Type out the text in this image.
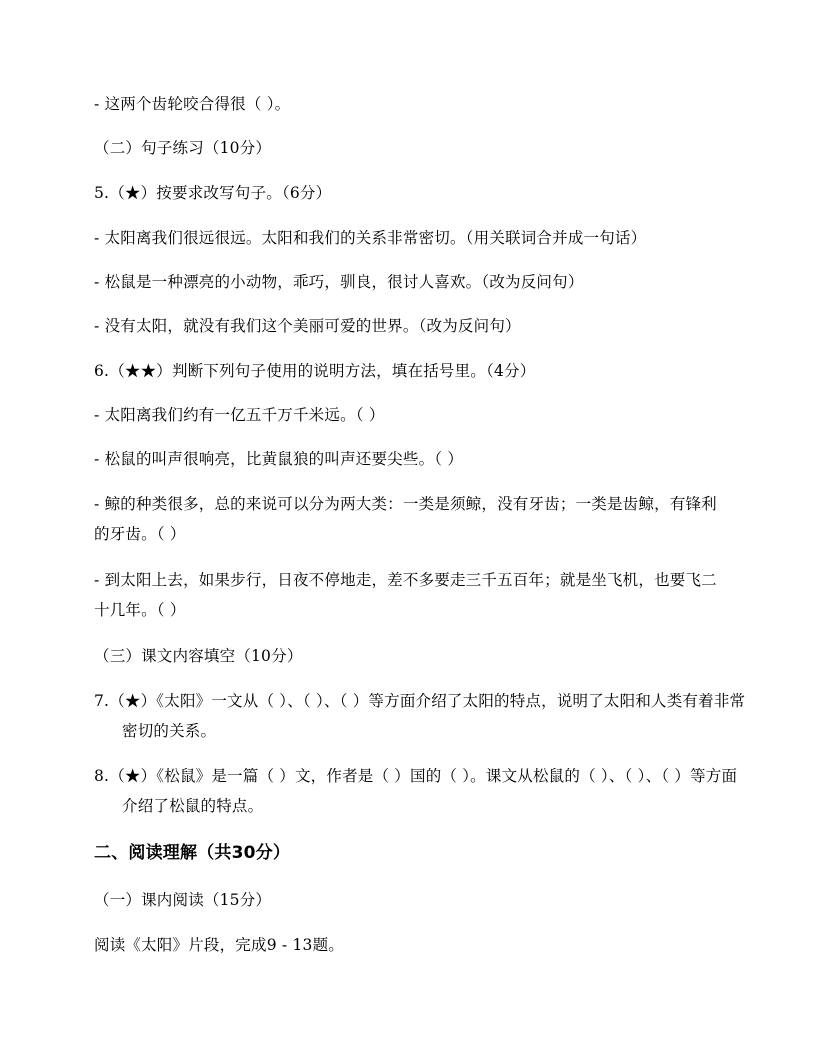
- 这两个齿轮咬合得很（ ）。
（二）句子练习（10分）
5.（★）按要求改写句子。（6分）
- 太阳离我们很远很远。太阳和我们的关系非常密切。（用关联词合并成一句话）
- 松鼠是一种漂亮的小动物，乖巧，驯良，很讨人喜欢。（改为反问句）
- 没有太阳，就没有我们这个美丽可爱的世界。（改为反问句）
6.（★★）判断下列句子使用的说明方法，填在括号里。（4分）
- 太阳离我们约有一亿五千万千米远。（ ）
- 松鼠的叫声很响亮，比黄鼠狼的叫声还要尖些。（ ）
- 鲸的种类很多，总的来说可以分为两大类：一类是须鲸，没有牙齿；一类是齿鲸，有锋利的牙齿。（ ）
- 到太阳上去，如果步行，日夜不停地走，差不多要走三千五百年；就是坐飞机，也要飞二十几年。（ ）
（三）课文内容填空（10分）
7.（★）《太阳》一文从（ ）、（ ）、（ ）等方面介绍了太阳的特点，说明了太阳和人类有着非常密切的关系。
8.（★）《松鼠》是一篇（ ）文，作者是（ ）国的（ ）。课文从松鼠的（ ）、（ ）、（ ）等方面介绍了松鼠的特点。
二、阅读理解（共30分）
（一）课内阅读（15分）
阅读《太阳》片段，完成9 - 13题。
